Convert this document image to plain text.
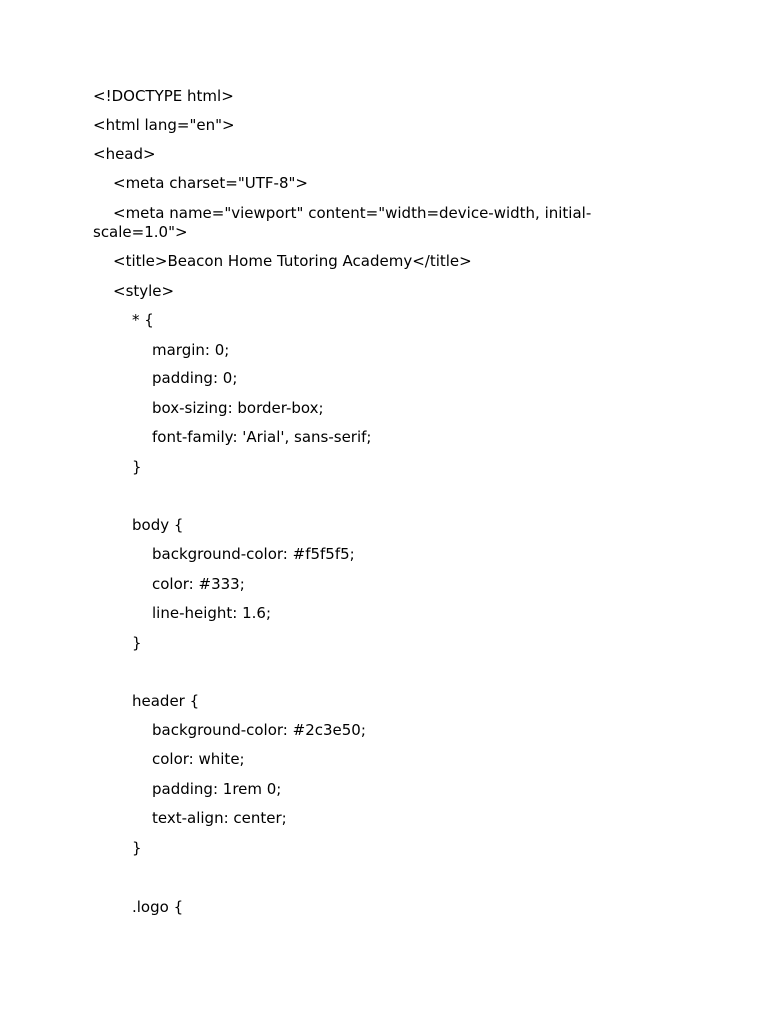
<!DOCTYPE html>
<html lang="en">
<head>
<meta charset="UTF-8">
<meta name="viewport" content="width=device-width, initial-
scale=1.0">
<title>Beacon Home Tutoring Academy</title>
<style>
* {
margin: 0;
padding: 0;
box-sizing: border-box;
font-family: 'Arial', sans-serif;
}
body {
background-color: #f5f5f5;
color: #333;
line-height: 1.6;
}
header {
background-color: #2c3e50;
color: white;
padding: 1rem 0;
text-align: center;
}
.logo {
